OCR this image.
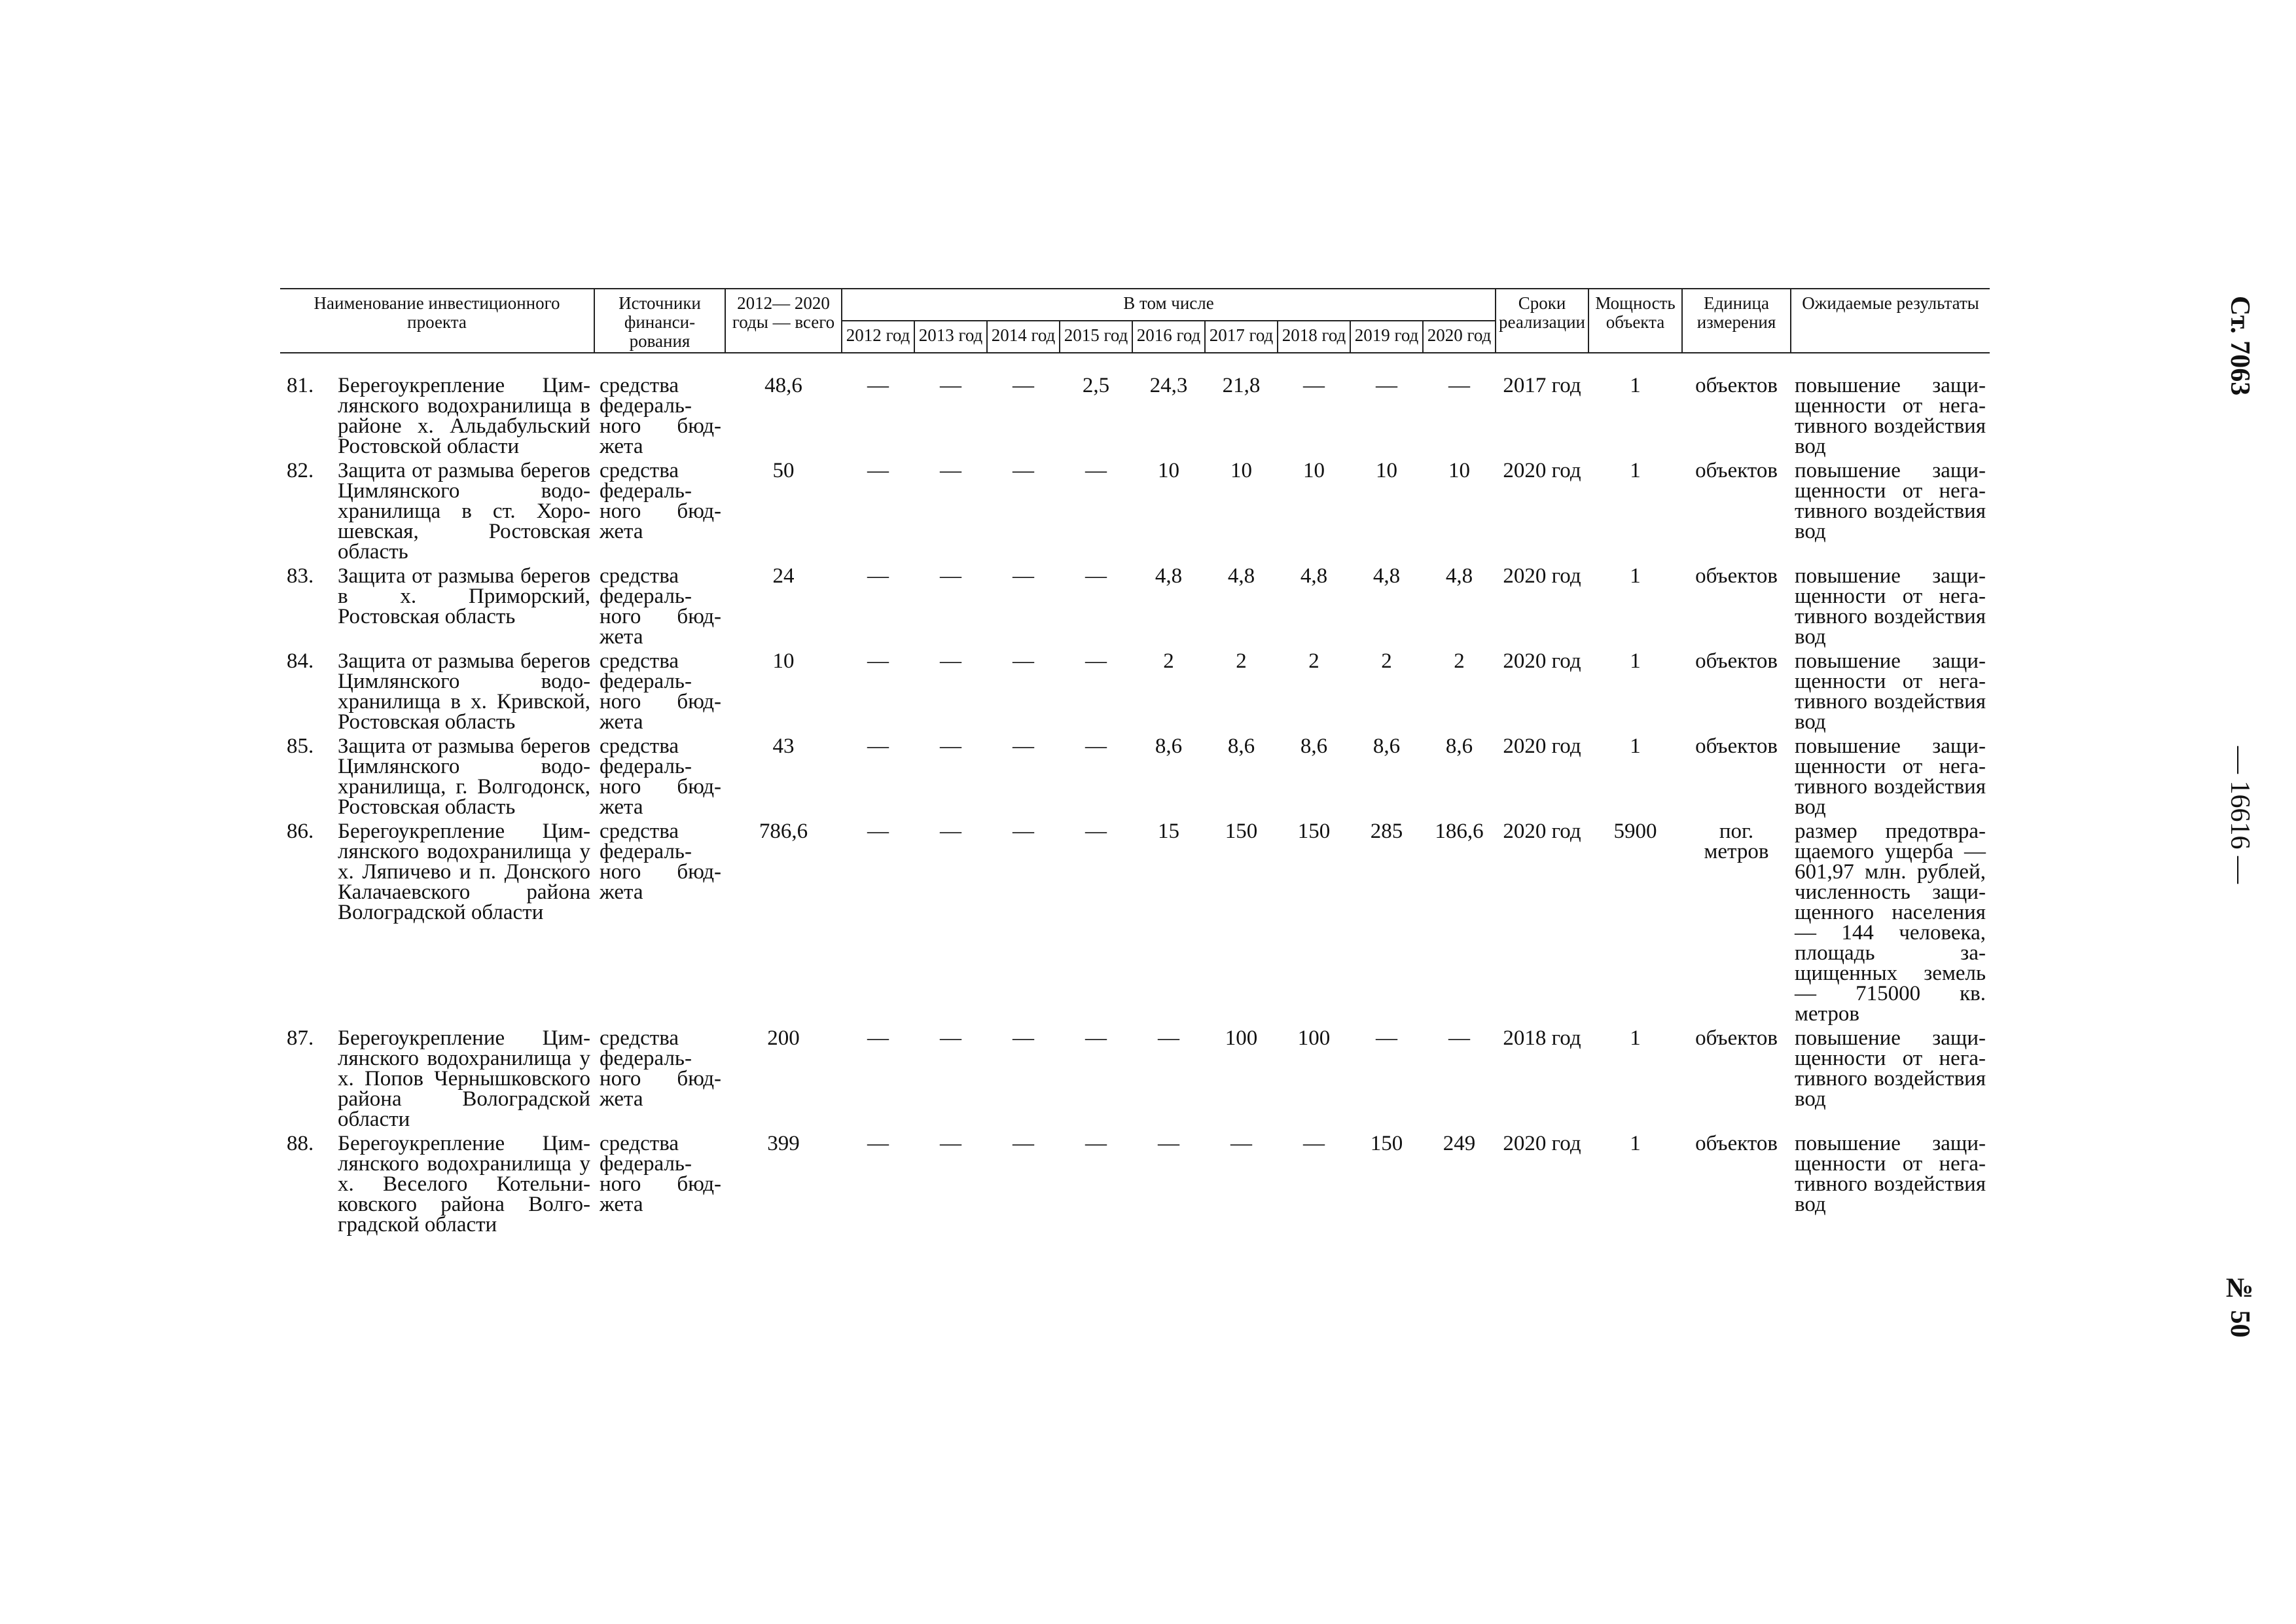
Ст. 7063
— 16616 —
№ 50
Наименование инвестиционного проекта		Источники финансирования	2012— 2020 годы — всего	В том числе									Сроки реализации	Мощность объекта	Единица измерения	Ожидаемые результаты
				2012 год	2013 год	2014 год	2015 год	2016 год	2017 год	2018 год	2019 год	2020 год				
81.	Берегоукрепление Цимлянского водохранилища в районе х. Альдабульский Ростовской области	средства федерального бюджета	48,6	—	—	—	2,5	24,3	21,8	—	—	—	2017 год	1	объектов	повышение защищенности от негативного воздействия вод
82.	Защита от размыва берегов Цимлянского водохранилища в ст. Хорошевская, Ростовская область	средства федерального бюджета	50	—	—	—	—	10	10	10	10	10	2020 год	1	объектов	повышение защищенности от негативного воздействия вод
83.	Защита от размыва берегов в х. Приморский, Ростовская область	средства федерального бюджета	24	—	—	—	—	4,8	4,8	4,8	4,8	4,8	2020 год	1	объектов	повышение защищенности от негативного воздействия вод
84.	Защита от размыва берегов Цимлянского водохранилища в х. Кривской, Ростовская область	средства федерального бюджета	10	—	—	—	—	2	2	2	2	2	2020 год	1	объектов	повышение защищенности от негативного воздействия вод
85.	Защита от размыва берегов Цимлянского водохранилища, г. Волгодонск, Ростовская область	средства федерального бюджета	43	—	—	—	—	8,6	8,6	8,6	8,6	8,6	2020 год	1	объектов	повышение защищенности от негативного воздействия вод
86.	Берегоукрепление Цимлянского водохранилища у х. Ляпичево и п. Донского Калачаевского района Волоградской области	средства федерального бюджета	786,6	—	—	—	—	15	150	150	285	186,6	2020 год	5900	пог. метров	размер предотвращаемого ущерба — 601,97 млн. рублей, численность защищенного населения — 144 человека, площадь защищенных земель — 715000 кв. метров
87.	Берегоукрепление Цимлянского водохранилища у х. Попов Чернышковского района Волоградской области	средства федерального бюджета	200	—	—	—	—	—	100	100	—	—	2018 год	1	объектов	повышение защищенности от негативного воздействия вод
88.	Берегоукрепление Цимлянского водохранилища у х. Веселого Котельниковского района Волгоградской области	средства федерального бюджета	399	—	—	—	—	—	—	—	150	249	2020 год	1	объектов	повышение защищенности от негативного воздействия вод
